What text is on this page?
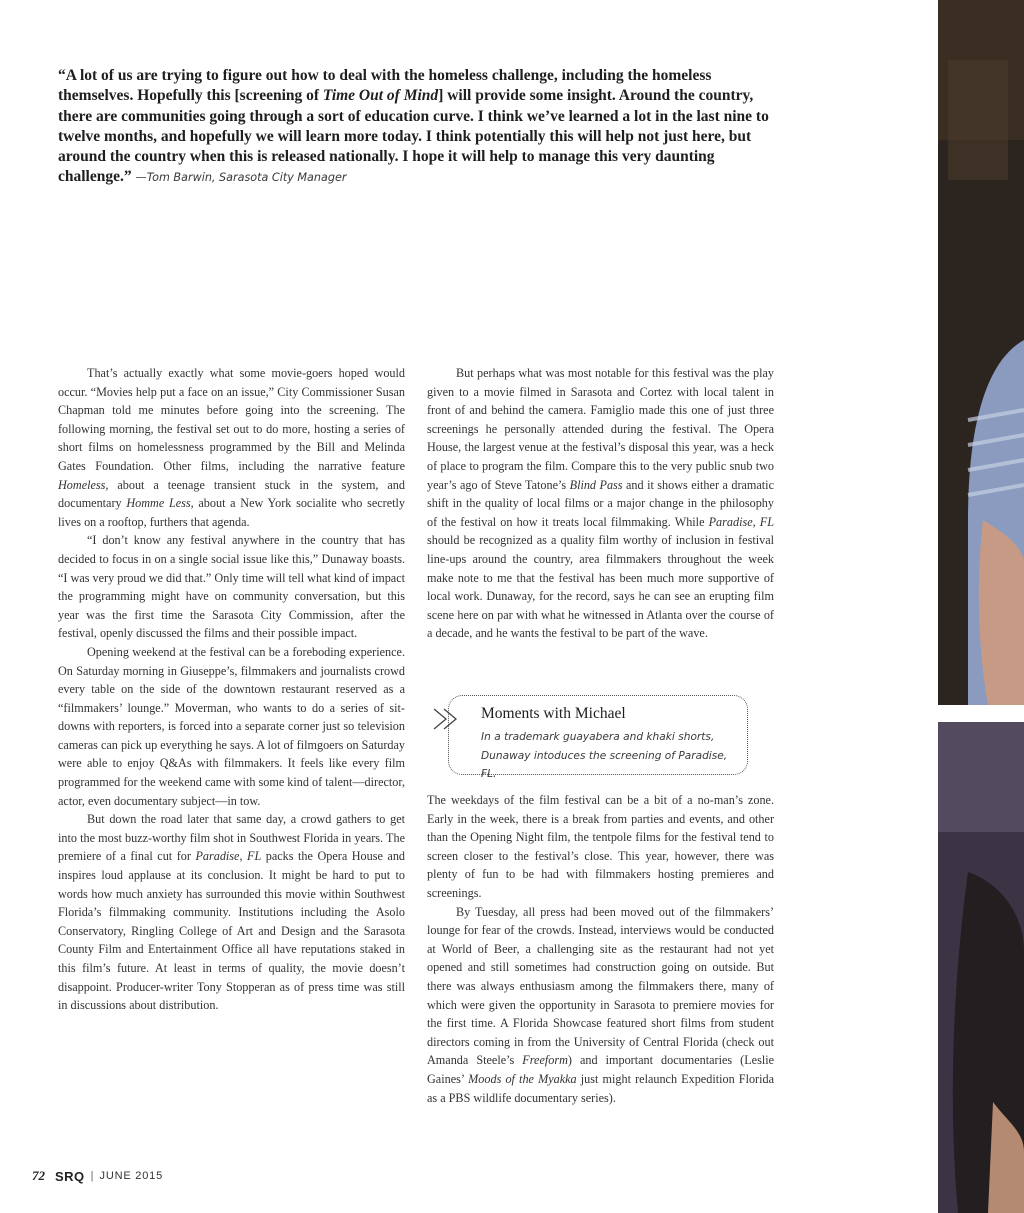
“A lot of us are trying to figure out how to deal with the homeless challenge, including the homeless themselves. Hopefully this [screening of Time Out of Mind] will provide some insight. Around the country, there are communities going through a sort of education curve. I think we’ve learned a lot in the last nine to twelve months, and hopefully we will learn more today. I think potentially this will help not just here, but around the country when this is released nationally. I hope it will help to manage this very daunting challenge.” —Tom Barwin, Sarasota City Manager

That’s actually exactly what some movie-goers hoped would occur. “Movies help put a face on an issue,” City Commissioner Susan Chapman told me minutes before going into the screening. The following morning, the festival set out to do more, hosting a series of short films on homelessness programmed by the Bill and Melinda Gates Foundation. Other films, including the narrative feature Homeless, about a teenage transient stuck in the system, and documentary Homme Less, about a New York socialite who secretly lives on a rooftop, furthers that agenda.

“I don’t know any festival anywhere in the country that has decided to focus in on a single social issue like this,” Dunaway boasts. “I was very proud we did that.” Only time will tell what kind of impact the programming might have on community conversation, but this year was the first time the Sarasota City Commission, after the festival, openly discussed the films and their possible impact.

Opening weekend at the festival can be a foreboding experience. On Saturday morning in Giuseppe’s, filmmakers and journalists crowd every table on the side of the downtown restaurant reserved as a “filmmakers’ lounge.” Moverman, who wants to do a series of sit-downs with reporters, is forced into a separate corner just so television cameras can pick up everything he says. A lot of filmgoers on Saturday were able to enjoy Q&As with filmmakers. It feels like every film programmed for the weekend came with some kind of talent—director, actor, even documentary subject—in tow.

But down the road later that same day, a crowd gathers to get into the most buzz-worthy film shot in Southwest Florida in years. The premiere of a final cut for Paradise, FL packs the Opera House and inspires loud applause at its conclusion. It might be hard to put to words how much anxiety has surrounded this movie within Southwest Florida’s filmmaking community. Institutions including the Asolo Conservatory, Ringling College of Art and Design and the Sarasota County Film and Entertainment Office all have reputations staked in this film’s future. At least in terms of quality, the movie doesn’t disappoint. Producer-writer Tony Stopperan as of press time was still in discussions about distribution.

But perhaps what was most notable for this festival was the play given to a movie filmed in Sarasota and Cortez with local talent in front of and behind the camera. Famiglio made this one of just three screenings he personally attended during the festival. The Opera House, the largest venue at the festival’s disposal this year, was a heck of place to program the film. Compare this to the very public snub two year’s ago of Steve Tatone’s Blind Pass and it shows either a dramatic shift in the quality of local films or a major change in the philosophy of the festival on how it treats local filmmaking. While Paradise, FL should be recognized as a quality film worthy of inclusion in festival line-ups around the country, area filmmakers throughout the week make note to me that the festival has been much more supportive of local work. Dunaway, for the record, says he can see an erupting film scene here on par with what he witnessed in Atlanta over the course of a decade, and he wants the festival to be part of the wave.

Moments with Michael
In a trademark guayabera and khaki shorts, Dunaway intoduces the screening of Paradise, FL.

The weekdays of the film festival can be a bit of a no-man’s zone. Early in the week, there is a break from parties and events, and other than the Opening Night film, the tentpole films for the festival tend to screen closer to the festival’s close. This year, however, there was plenty of fun to be had with filmmakers hosting premieres and screenings.

By Tuesday, all press had been moved out of the filmmakers’ lounge for fear of the crowds. Instead, interviews would be conducted at World of Beer, a challenging site as the restaurant had not yet opened and still sometimes had construction going on outside. But there was always enthusiasm among the filmmakers there, many of which were given the opportunity in Sarasota to premiere movies for the first time. A Florida Showcase featured short films from student directors coming in from the University of Central Florida (check out Amanda Steele’s Freeform) and important documentaries (Leslie Gaines’ Moods of the Myakka just might relaunch Expedition Florida as a PBS wildlife documentary series).

72 SRQ | JUNE 2015
